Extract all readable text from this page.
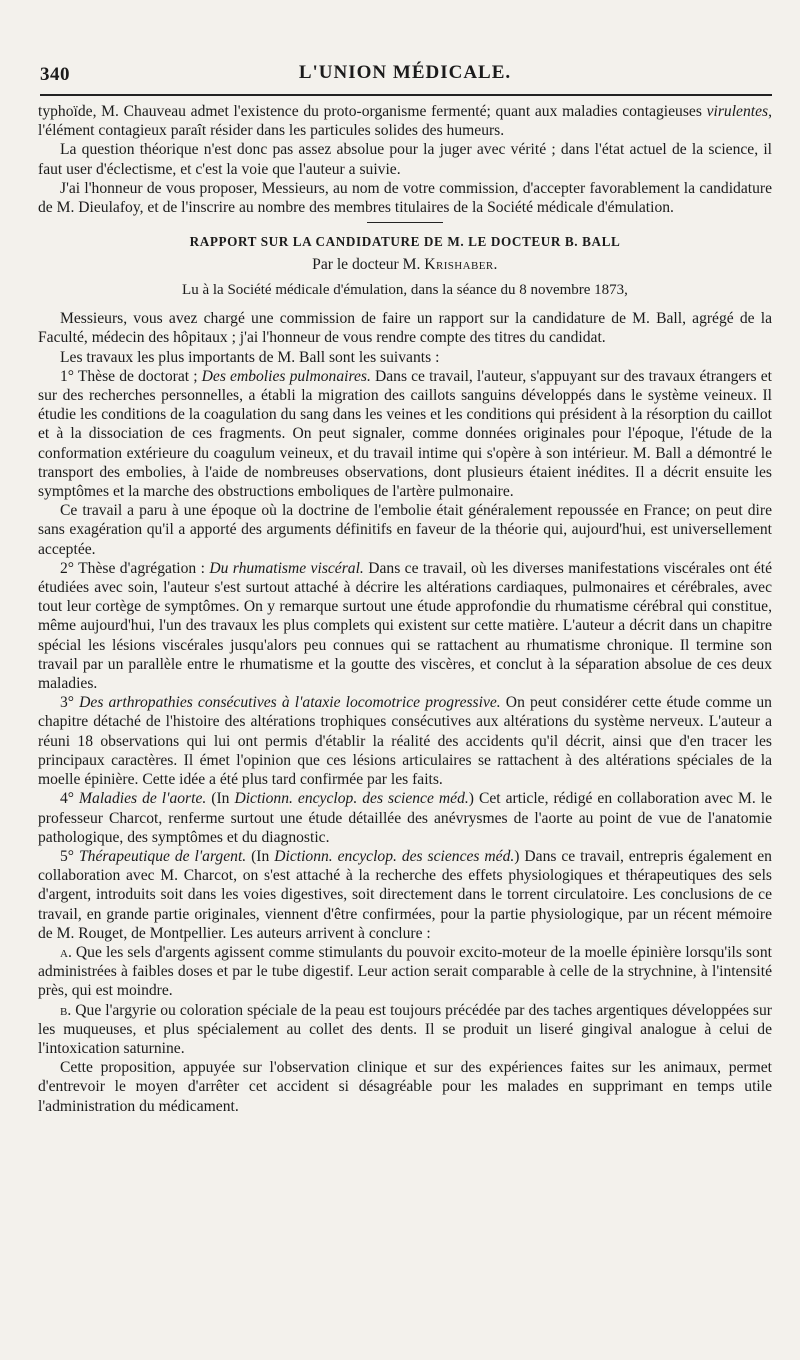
340	L'UNION MÉDICALE.

typhoïde, M. Chauveau admet l'existence du proto-organisme fermenté; quant aux maladies contagieuses virulentes, l'élément contagieux paraît résider dans les particules solides des humeurs.

La question théorique n'est donc pas assez absolue pour la juger avec vérité ; dans l'état actuel de la science, il faut user d'éclectisme, et c'est la voie que l'auteur a suivie.

J'ai l'honneur de vous proposer, Messieurs, au nom de votre commission, d'accepter favorablement la candidature de M. Dieulafoy, et de l'inscrire au nombre des membres titulaires de la Société médicale d'émulation.

RAPPORT SUR LA CANDIDATURE DE M. LE DOCTEUR B. BALL
Par le docteur M. Krishaber.
Lu à la Société médicale d'émulation, dans la séance du 8 novembre 1873,

Messieurs, vous avez chargé une commission de faire un rapport sur la candidature de M. Ball, agrégé de la Faculté, médecin des hôpitaux ; j'ai l'honneur de vous rendre compte des titres du candidat.

Les travaux les plus importants de M. Ball sont les suivants :

1° Thèse de doctorat ; Des embolies pulmonaires. Dans ce travail, l'auteur, s'appuyant sur des travaux étrangers et sur des recherches personnelles, a établi la migration des caillots sanguins développés dans le système veineux. Il étudie les conditions de la coagulation du sang dans les veines et les conditions qui président à la résorption du caillot et à la dissociation de ces fragments. On peut signaler, comme données originales pour l'époque, l'étude de la conformation extérieure du coagulum veineux, et du travail intime qui s'opère à son intérieur. M. Ball a démontré le transport des embolies, à l'aide de nombreuses observations, dont plusieurs étaient inédites. Il a décrit ensuite les symptômes et la marche des obstructions emboliques de l'artère pulmonaire.

Ce travail a paru à une époque où la doctrine de l'embolie était généralement repoussée en France; on peut dire sans exagération qu'il a apporté des arguments définitifs en faveur de la théorie qui, aujourd'hui, est universellement acceptée.

2° Thèse d'agrégation : Du rhumatisme viscéral. Dans ce travail, où les diverses manifestations viscérales ont été étudiées avec soin, l'auteur s'est surtout attaché à décrire les altérations cardiaques, pulmonaires et cérébrales, avec tout leur cortège de symptômes. On y remarque surtout une étude approfondie du rhumatisme cérébral qui constitue, même aujourd'hui, l'un des travaux les plus complets qui existent sur cette matière. L'auteur a décrit dans un chapitre spécial les lésions viscérales jusqu'alors peu connues qui se rattachent au rhumatisme chronique. Il termine son travail par un parallèle entre le rhumatisme et la goutte des viscères, et conclut à la séparation absolue de ces deux maladies.

3° Des arthropathies consécutives à l'ataxie locomotrice progressive. On peut considérer cette étude comme un chapitre détaché de l'histoire des altérations trophiques consécutives aux altérations du système nerveux. L'auteur a réuni 18 observations qui lui ont permis d'établir la réalité des accidents qu'il décrit, ainsi que d'en tracer les principaux caractères. Il émet l'opinion que ces lésions articulaires se rattachent à des altérations spéciales de la moelle épinière. Cette idée a été plus tard confirmée par les faits.

4° Maladies de l'aorte. (In Dictionn. encyclop. des science méd.) Cet article, rédigé en collaboration avec M. le professeur Charcot, renferme surtout une étude détaillée des anévrysmes de l'aorte au point de vue de l'anatomie pathologique, des symptômes et du diagnostic.

5° Thérapeutique de l'argent. (In Dictionn. encyclop. des sciences méd.) Dans ce travail, entrepris également en collaboration avec M. Charcot, on s'est attaché à la recherche des effets physiologiques et thérapeutiques des sels d'argent, introduits soit dans les voies digestives, soit directement dans le torrent circulatoire. Les conclusions de ce travail, en grande partie originales, viennent d'être confirmées, pour la partie physiologique, par un récent mémoire de M. Rouget, de Montpellier. Les auteurs arrivent à conclure :

a. Que les sels d'argents agissent comme stimulants du pouvoir excito-moteur de la moelle épinière lorsqu'ils sont administrées à faibles doses et par le tube digestif. Leur action serait comparable à celle de la strychnine, à l'intensité près, qui est moindre.

b. Que l'argyrie ou coloration spéciale de la peau est toujours précédée par des taches argentiques développées sur les muqueuses, et plus spécialement au collet des dents. Il se produit un liseré gingival analogue à celui de l'intoxication saturnine.

Cette proposition, appuyée sur l'observation clinique et sur des expériences faites sur les animaux, permet d'entrevoir le moyen d'arrêter cet accident si désagréable pour les malades en supprimant en temps utile l'administration du médicament.
